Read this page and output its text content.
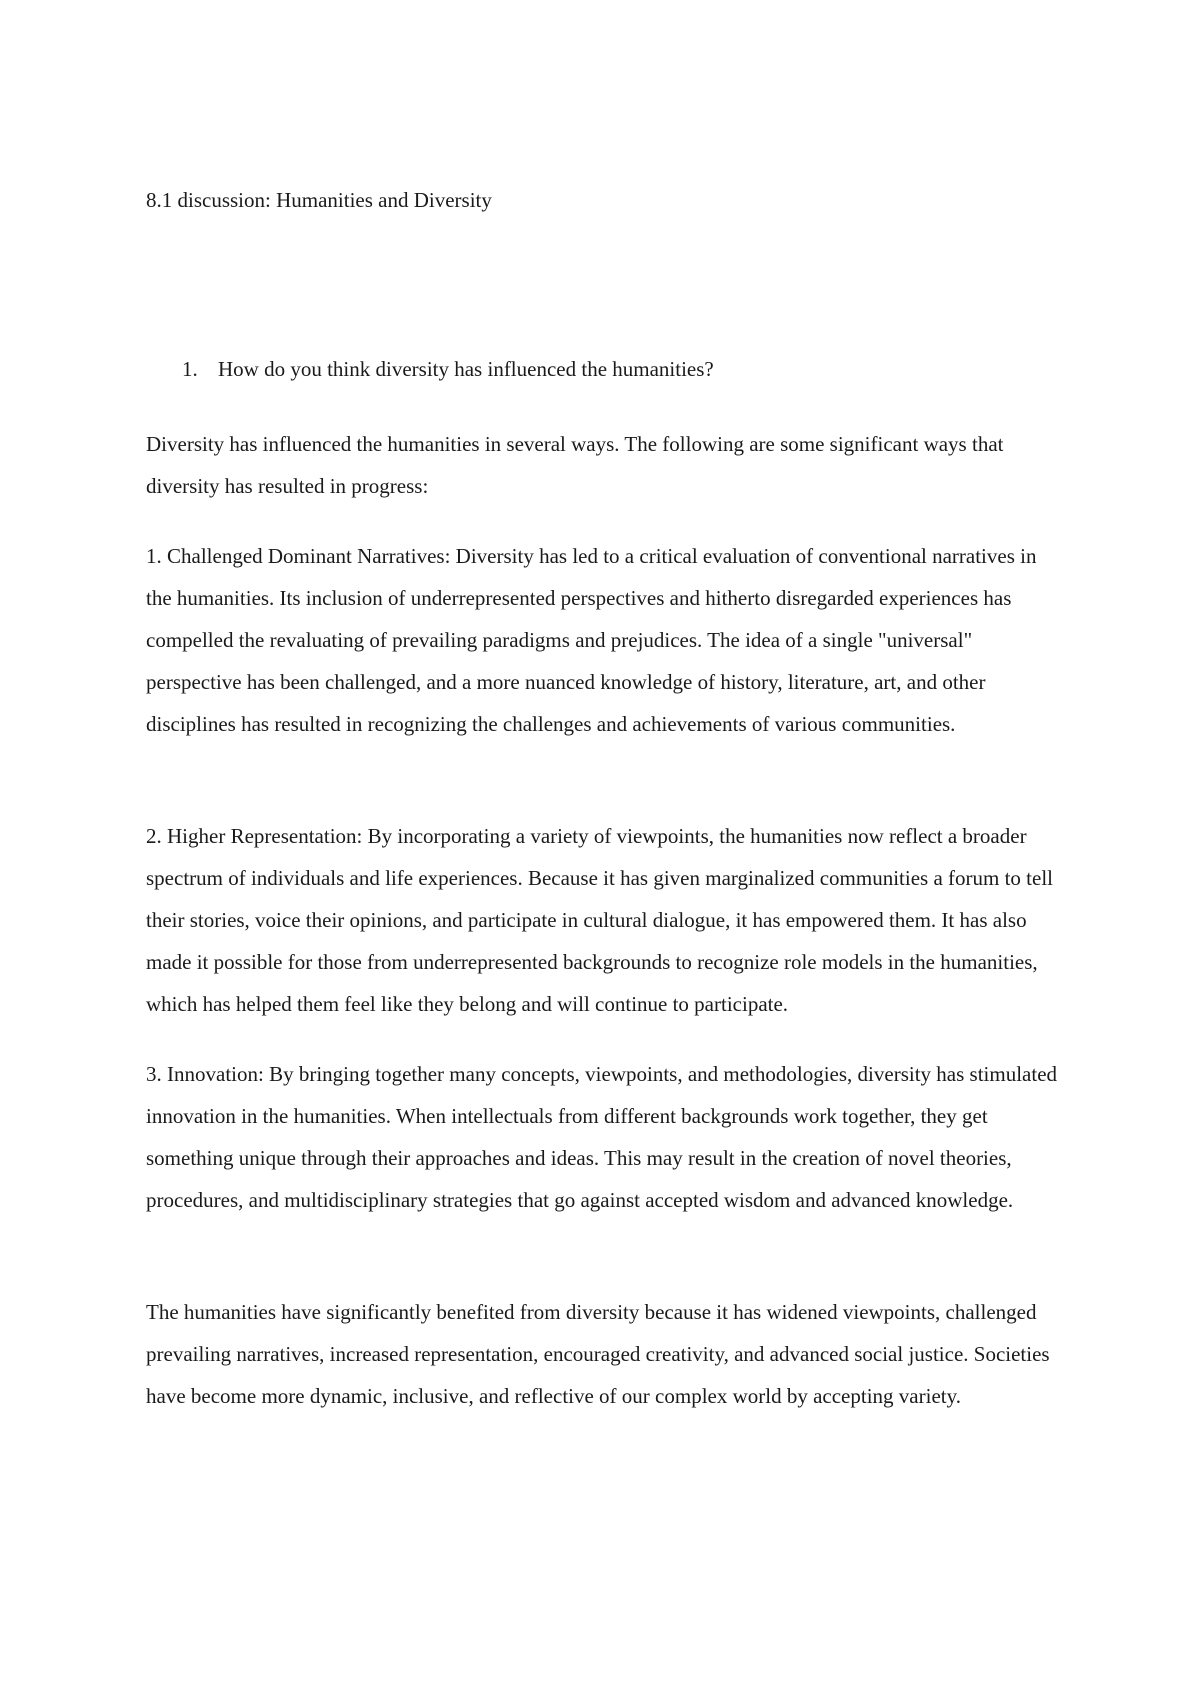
8.1 discussion: Humanities and Diversity
1. How do you think diversity has influenced the humanities?

Diversity has influenced the humanities in several ways. The following are some significant ways that diversity has resulted in progress:

1. Challenged Dominant Narratives: Diversity has led to a critical evaluation of conventional narratives in the humanities. Its inclusion of underrepresented perspectives and hitherto disregarded experiences has compelled the revaluating of prevailing paradigms and prejudices. The idea of a single "universal" perspective has been challenged, and a more nuanced knowledge of history, literature, art, and other disciplines has resulted in recognizing the challenges and achievements of various communities.

2. Higher Representation: By incorporating a variety of viewpoints, the humanities now reflect a broader spectrum of individuals and life experiences. Because it has given marginalized communities a forum to tell their stories, voice their opinions, and participate in cultural dialogue, it has empowered them. It has also made it possible for those from underrepresented backgrounds to recognize role models in the humanities, which has helped them feel like they belong and will continue to participate.

3. Innovation: By bringing together many concepts, viewpoints, and methodologies, diversity has stimulated innovation in the humanities. When intellectuals from different backgrounds work together, they get something unique through their approaches and ideas. This may result in the creation of novel theories, procedures, and multidisciplinary strategies that go against accepted wisdom and advanced knowledge.

The humanities have significantly benefited from diversity because it has widened viewpoints, challenged prevailing narratives, increased representation, encouraged creativity, and advanced social justice. Societies have become more dynamic, inclusive, and reflective of our complex world by accepting variety.
